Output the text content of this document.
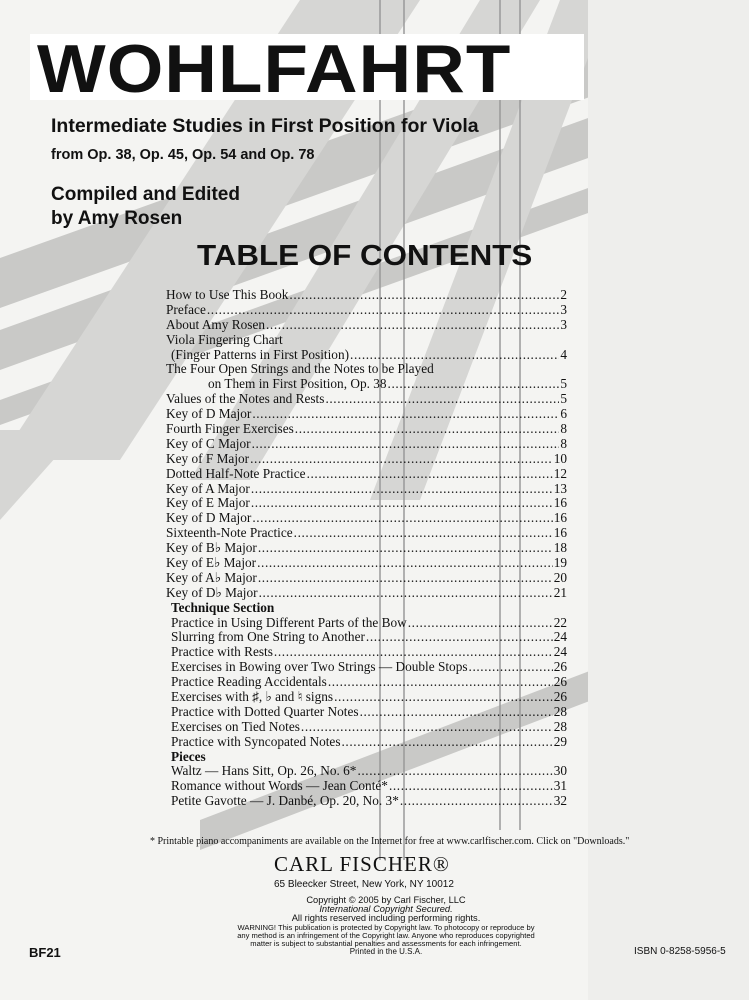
WOHLFAHRT
Intermediate Studies in First Position for Viola
from Op. 38, Op. 45, Op. 54 and Op. 78
Compiled and Edited
by Amy Rosen
TABLE OF CONTENTS
How to Use This Book .....	2
Preface .....	3
About Amy Rosen .....	3
Viola Fingering Chart
(Finger Patterns in First Position) .....	4
The Four Open Strings and the Notes to be Played
on Them in First Position, Op. 38 .....	5
Values of the Notes and Rests .....	5
Key of D Major .....	6
Fourth Finger Exercises .....	8
Key of C Major .....	8
Key of F Major .....	10
Dotted Half-Note Practice .....	12
Key of A Major .....	13
Key of E Major .....	16
Key of D Major .....	16
Sixteenth-Note Practice .....	16
Key of B♭ Major .....	18
Key of E♭ Major .....	19
Key of A♭ Major .....	20
Key of D♭ Major .....	21
Technique Section
Practice in Using Different Parts of the Bow .....	22
Slurring from One String to Another .....	24
Practice with Rests .....	24
Exercises in Bowing over Two Strings — Double Stops .....	26
Practice Reading Accidentals .....	26
Exercises with ♯, ♭ and ♮ signs .....	26
Practice with Dotted Quarter Notes .....	28
Exercises on Tied Notes .....	28
Practice with Syncopated Notes .....	29
Pieces
Waltz — Hans Sitt, Op. 26, No. 6* .....	30
Romance without Words — Jean Conté* .....	31
Petite Gavotte — J. Danbé, Op. 20, No. 3* .....	32
* Printable piano accompaniments are available on the Internet for free at www.carlfischer.com. Click on "Downloads."
CARL FISCHER®
65 Bleecker Street, New York, NY 10012
Copyright © 2005 by Carl Fischer, LLC
International Copyright Secured.
All rights reserved including performing rights.
WARNING! This publication is protected by Copyright law. To photocopy or reproduce by
any method is an infringement of the Copyright law. Anyone who reproduces copyrighted
matter is subject to substantial penalties and assessments for each infringement.
Printed in the U.S.A.
BF21	ISBN 0-8258-5956-5
